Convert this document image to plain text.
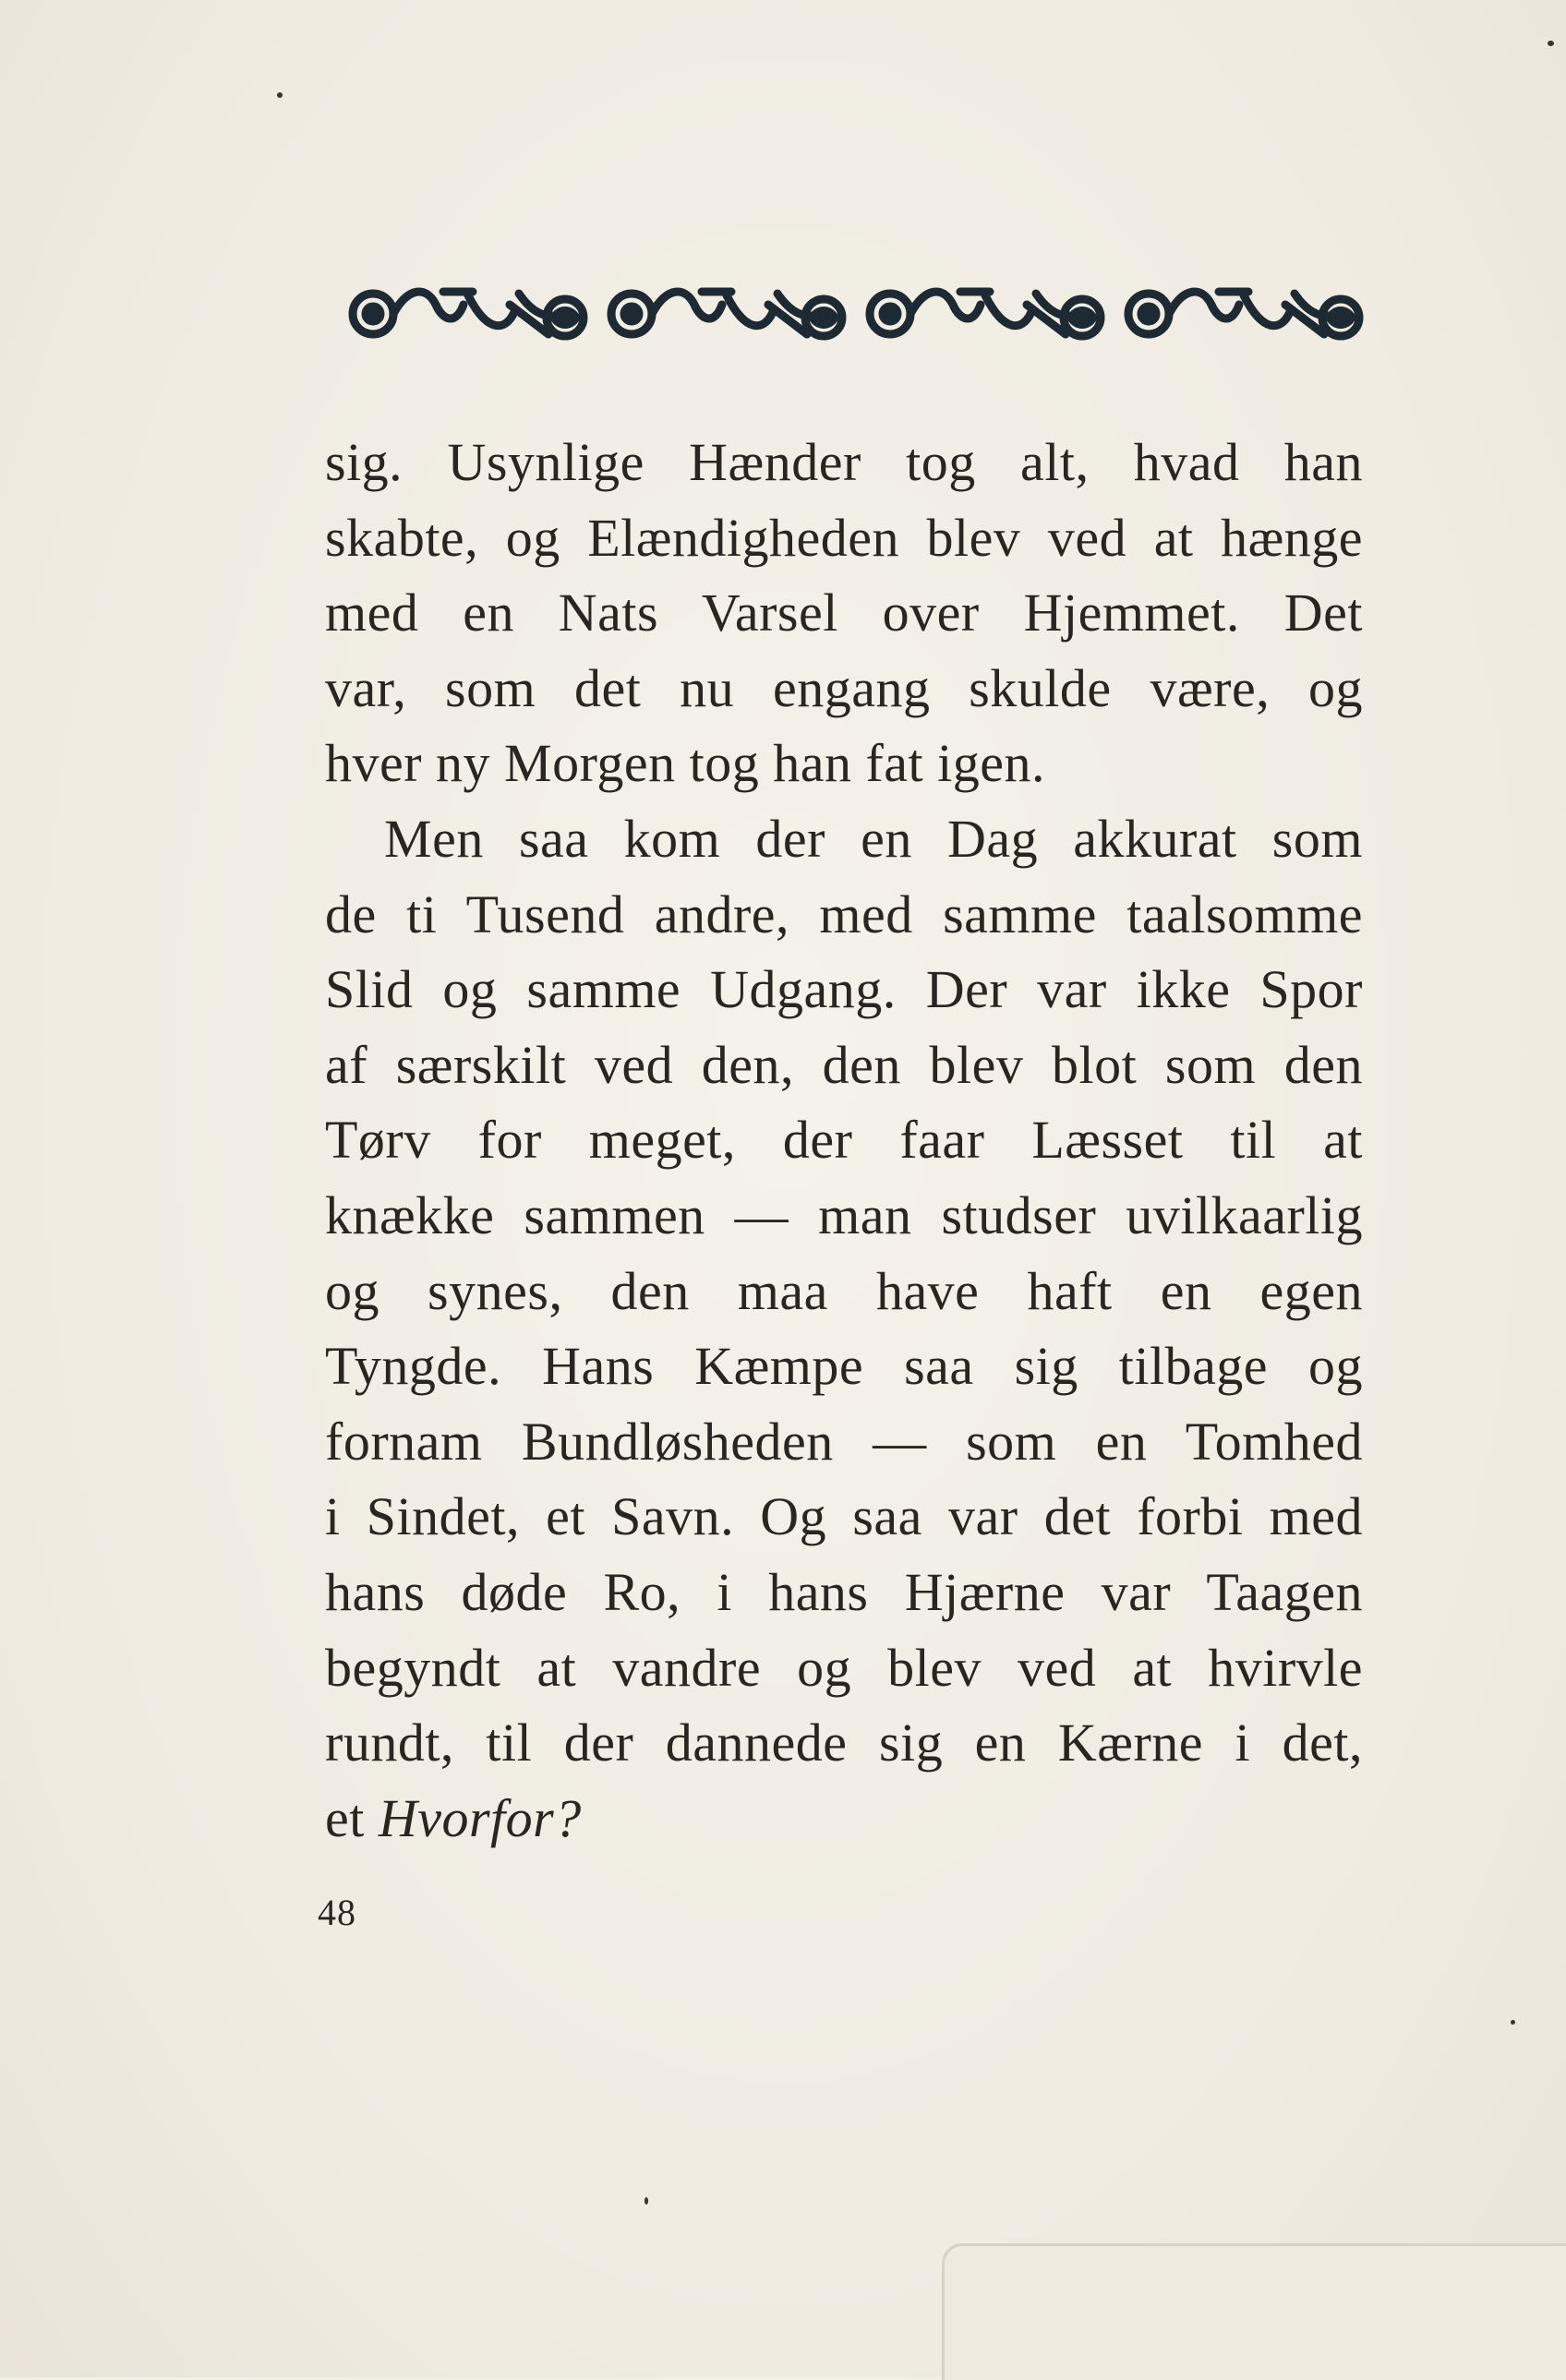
sig. Usynlige Hænder tog alt, hvad han
skabte, og Elændigheden blev ved at hænge
med en Nats Varsel over Hjemmet. Det
var, som det nu engang skulde være, og
hver ny Morgen tog han fat igen.
Men saa kom der en Dag akkurat som
de ti Tusend andre, med samme taalsomme
Slid og samme Udgang. Der var ikke Spor
af særskilt ved den, den blev blot som den
Tørv for meget, der faar Læsset til at
knække sammen — man studser uvilkaarlig
og synes, den maa have haft en egen
Tyngde. Hans Kæmpe saa sig tilbage og
fornam Bundløsheden — som en Tomhed
i Sindet, et Savn. Og saa var det forbi med
hans døde Ro, i hans Hjærne var Taagen
begyndt at vandre og blev ved at hvirvle
rundt, til der dannede sig en Kærne i det,
et Hvorfor?
48
